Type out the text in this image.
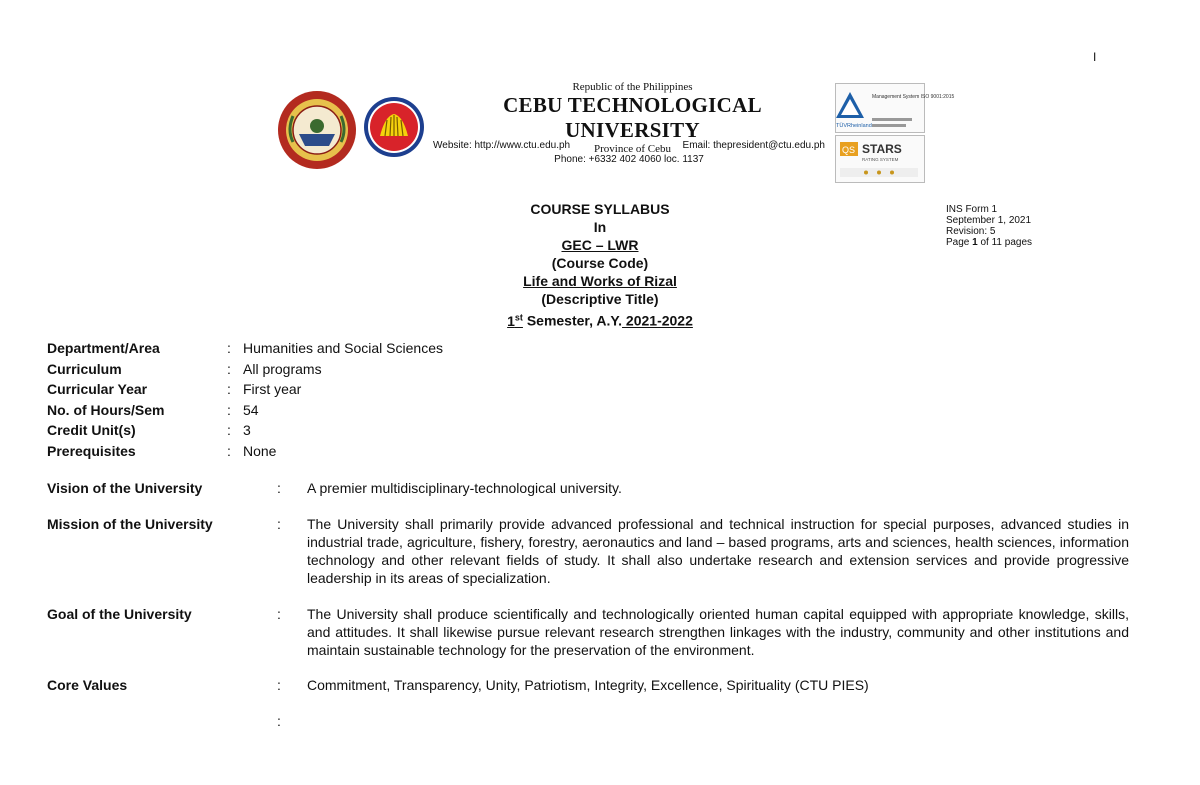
I
Republic of the Philippines
CEBU TECHNOLOGICAL UNIVERSITY
Province of Cebu
Website: http://www.ctu.edu.ph	Email: thepresident@ctu.edu.ph
Phone: +6332 402 4060 loc. 1137
TÜVRheinland
Management System ISO 9001:2015
QS STARS
RATING SYSTEM
COURSE SYLLABUS
In
GEC – LWR
(Course Code)
Life and Works of Rizal
(Descriptive Title)
1st Semester, A.Y. 2021-2022
INS Form 1
September 1, 2021
Revision: 5
Page 1 of 11 pages
Department/Area	: Humanities and Social Sciences
Curriculum	: All programs
Curricular Year	: First year
No. of Hours/Sem	: 54
Credit Unit(s)	: 3
Prerequisites	: None
Vision of the University	: A premier multidisciplinary-technological university.
Mission of the University	: The University shall primarily provide advanced professional and technical instruction for special purposes, advanced studies in industrial trade, agriculture, fishery, forestry, aeronautics and land – based programs, arts and sciences, health sciences, information technology and other relevant fields of study. It shall also undertake research and extension services and provide progressive leadership in its areas of specialization.
Goal of the University	: The University shall produce scientifically and technologically oriented human capital equipped with appropriate knowledge, skills, and attitudes. It shall likewise pursue relevant research strengthen linkages with the industry, community and other institutions and maintain sustainable technology for the preservation of the environment.
Core Values	: Commitment, Transparency, Unity, Patriotism, Integrity, Excellence, Spirituality (CTU PIES)
:
